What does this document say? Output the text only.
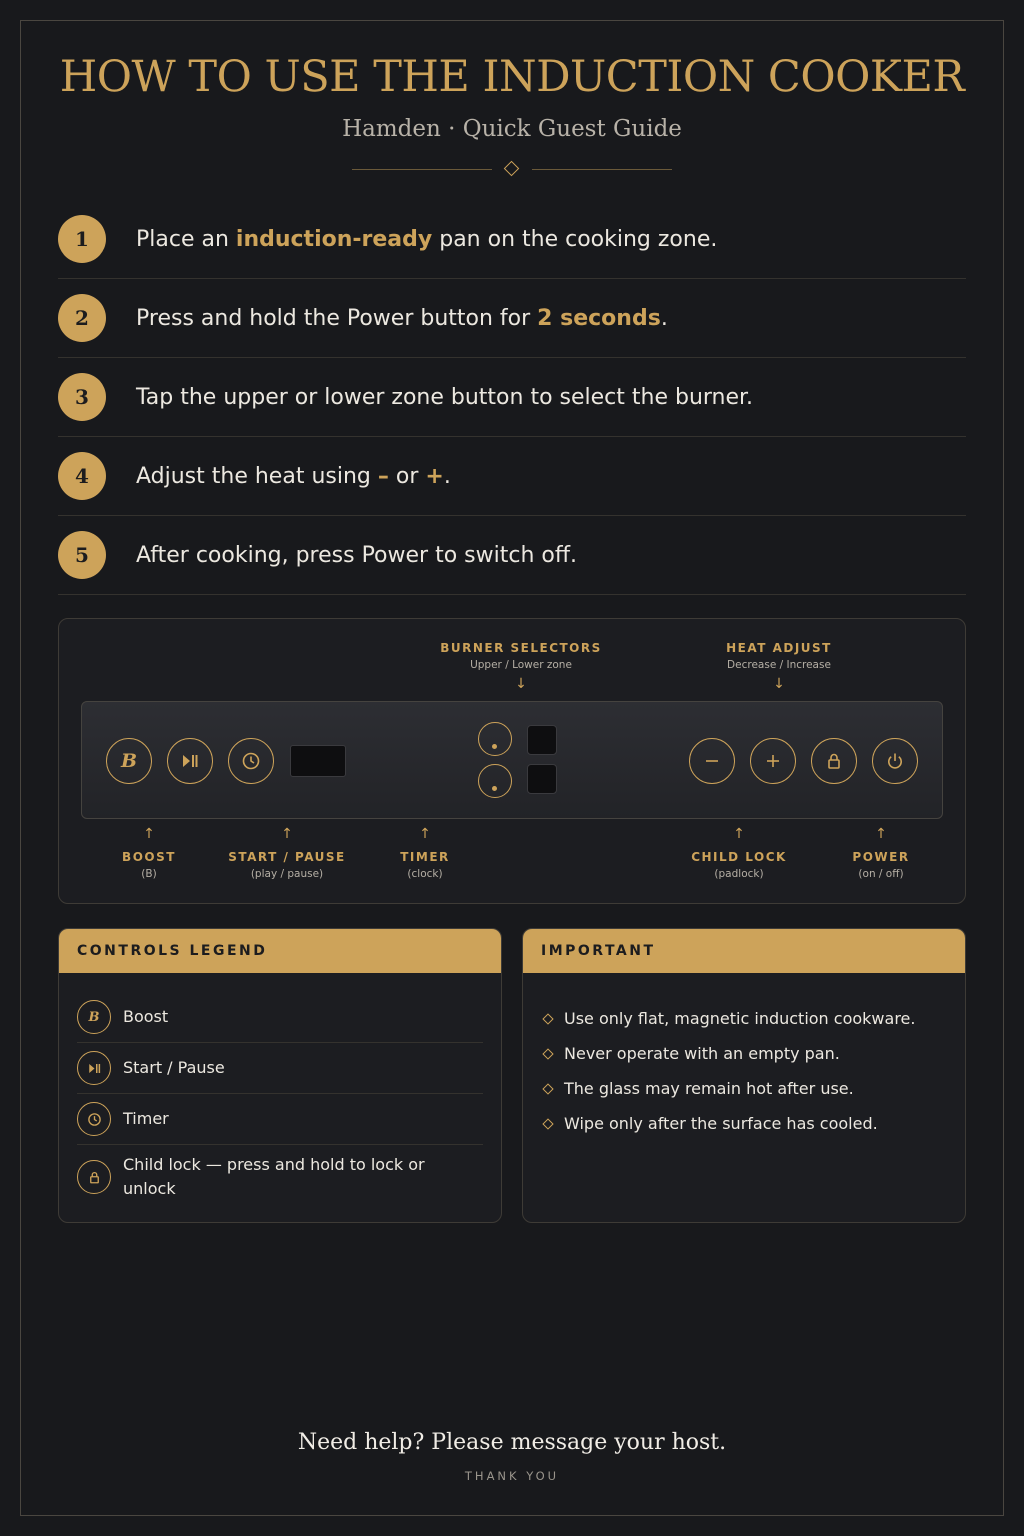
HOW TO USE THE INDUCTION COOKER
Hamden · Quick Guest Guide
1	Place an induction-ready pan on the cooking zone.
2	Press and hold the Power button for 2 seconds.
3	Tap the upper or lower zone button to select the burner.
4	Adjust the heat using – or +.
5	After cooking, press Power to switch off.
BURNER SELECTORS
Upper / Lower zone
↓
HEAT ADJUST
Decrease / Increase
↓
B
↑
BOOST
(B)
↑
START / PAUSE
(play / pause)
↑
TIMER
(clock)
↑
CHILD LOCK
(padlock)
↑
POWER
(on / off)
CONTROLS LEGEND
B Boost
Start / Pause
Timer
Child lock — press and hold to lock or unlock
IMPORTANT
Use only flat, magnetic induction cookware.
Never operate with an empty pan.
The glass may remain hot after use.
Wipe only after the surface has cooled.
Need help? Please message your host.
THANK YOU
